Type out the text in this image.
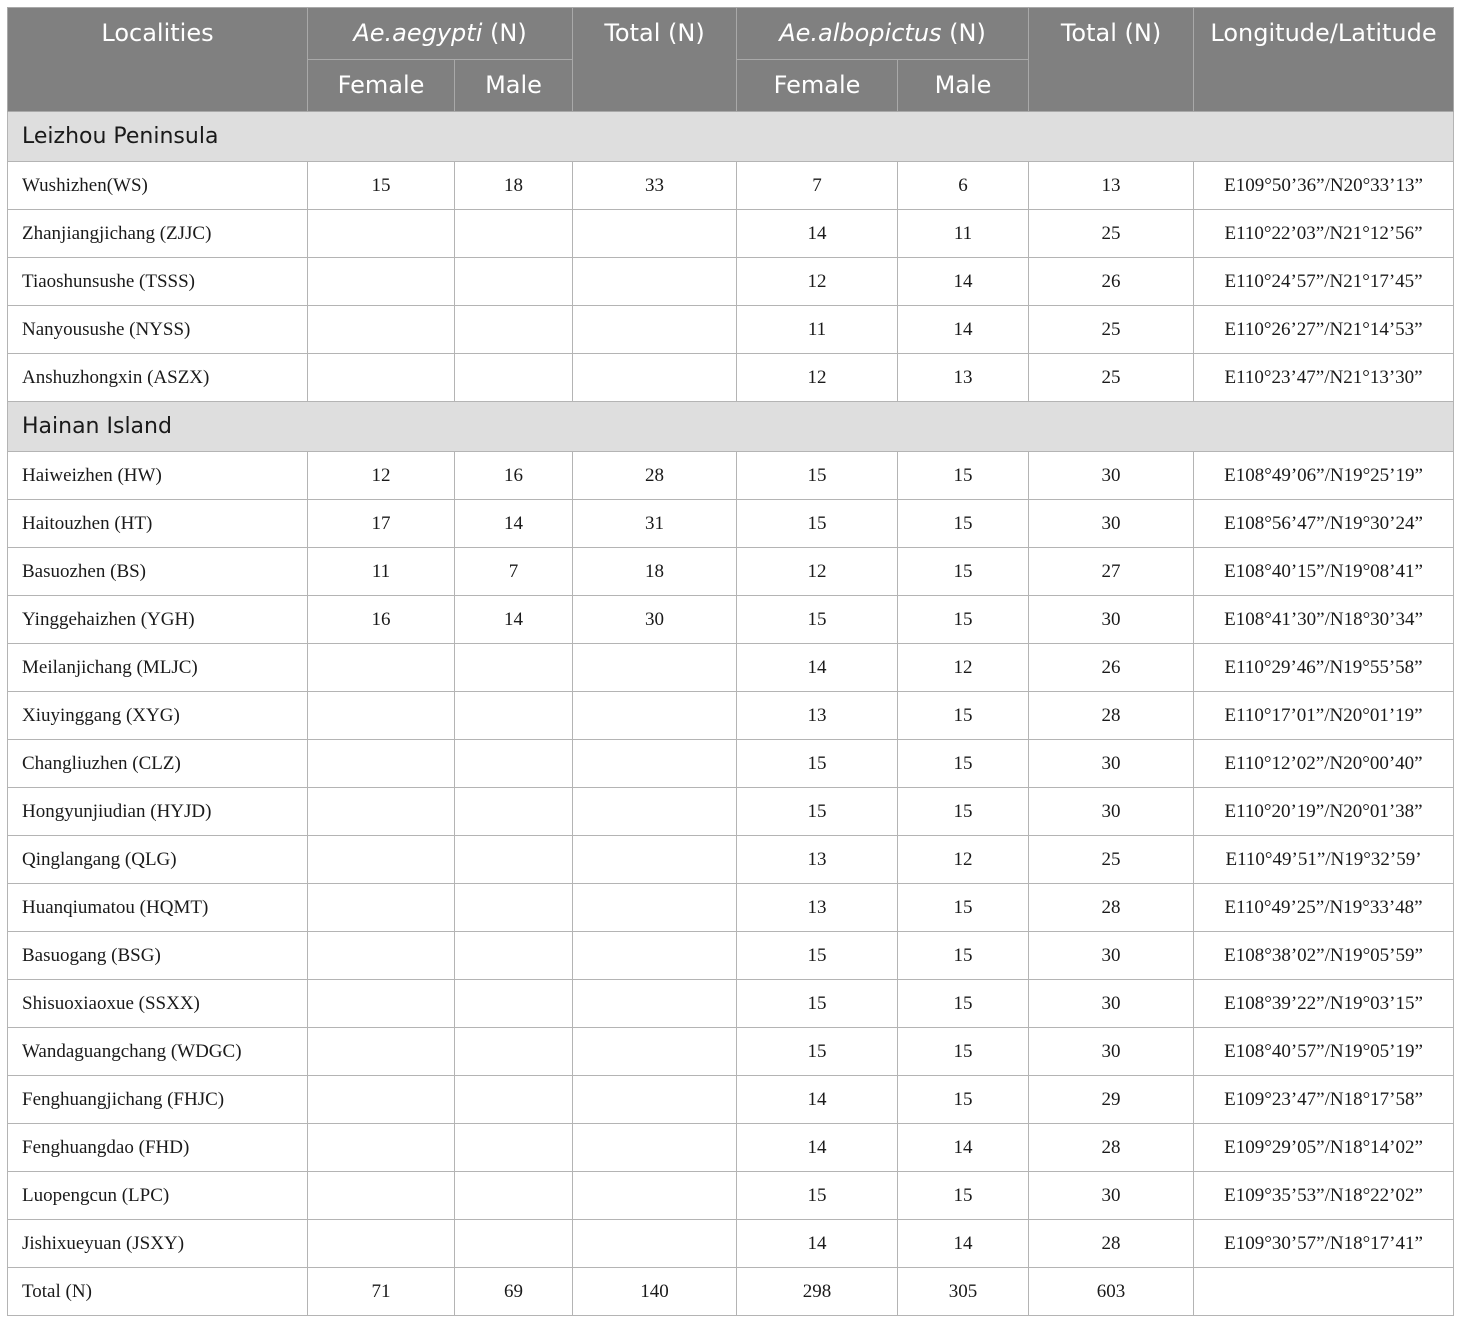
Localities	Ae.aegypti (N)		Total (N)	Ae.albopictus (N)		Total (N)	Longitude/Latitude
	Female	Male		Female	Male		
Leizhou Peninsula							
Wushizhen(WS)	15	18	33	7	6	13	E109°50’36”/N20°33’13”
Zhanjiangjichang (ZJJC)				14	11	25	E110°22’03”/N21°12’56”
Tiaoshunsushe (TSSS)				12	14	26	E110°24’57”/N21°17’45”
Nanyousushe (NYSS)				11	14	25	E110°26’27”/N21°14’53”
Anshuzhongxin (ASZX)				12	13	25	E110°23’47”/N21°13’30”
Hainan Island							
Haiweizhen (HW)	12	16	28	15	15	30	E108°49’06”/N19°25’19”
Haitouzhen (HT)	17	14	31	15	15	30	E108°56’47”/N19°30’24”
Basuozhen (BS)	11	7	18	12	15	27	E108°40’15”/N19°08’41”
Yinggehaizhen (YGH)	16	14	30	15	15	30	E108°41’30”/N18°30’34”
Meilanjichang (MLJC)				14	12	26	E110°29’46”/N19°55’58”
Xiuyinggang (XYG)				13	15	28	E110°17’01”/N20°01’19”
Changliuzhen (CLZ)				15	15	30	E110°12’02”/N20°00’40”
Hongyunjiudian (HYJD)				15	15	30	E110°20’19”/N20°01’38”
Qinglangang (QLG)				13	12	25	E110°49’51”/N19°32’59’
Huanqiumatou (HQMT)				13	15	28	E110°49’25”/N19°33’48”
Basuogang (BSG)				15	15	30	E108°38’02”/N19°05’59”
Shisuoxiaoxue (SSXX)				15	15	30	E108°39’22”/N19°03’15”
Wandaguangchang (WDGC)				15	15	30	E108°40’57”/N19°05’19”
Fenghuangjichang (FHJC)				14	15	29	E109°23’47”/N18°17’58”
Fenghuangdao (FHD)				14	14	28	E109°29’05”/N18°14’02”
Luopengcun (LPC)				15	15	30	E109°35’53”/N18°22’02”
Jishixueyuan (JSXY)				14	14	28	E109°30’57”/N18°17’41”
Total (N)	71	69	140	298	305	603	
